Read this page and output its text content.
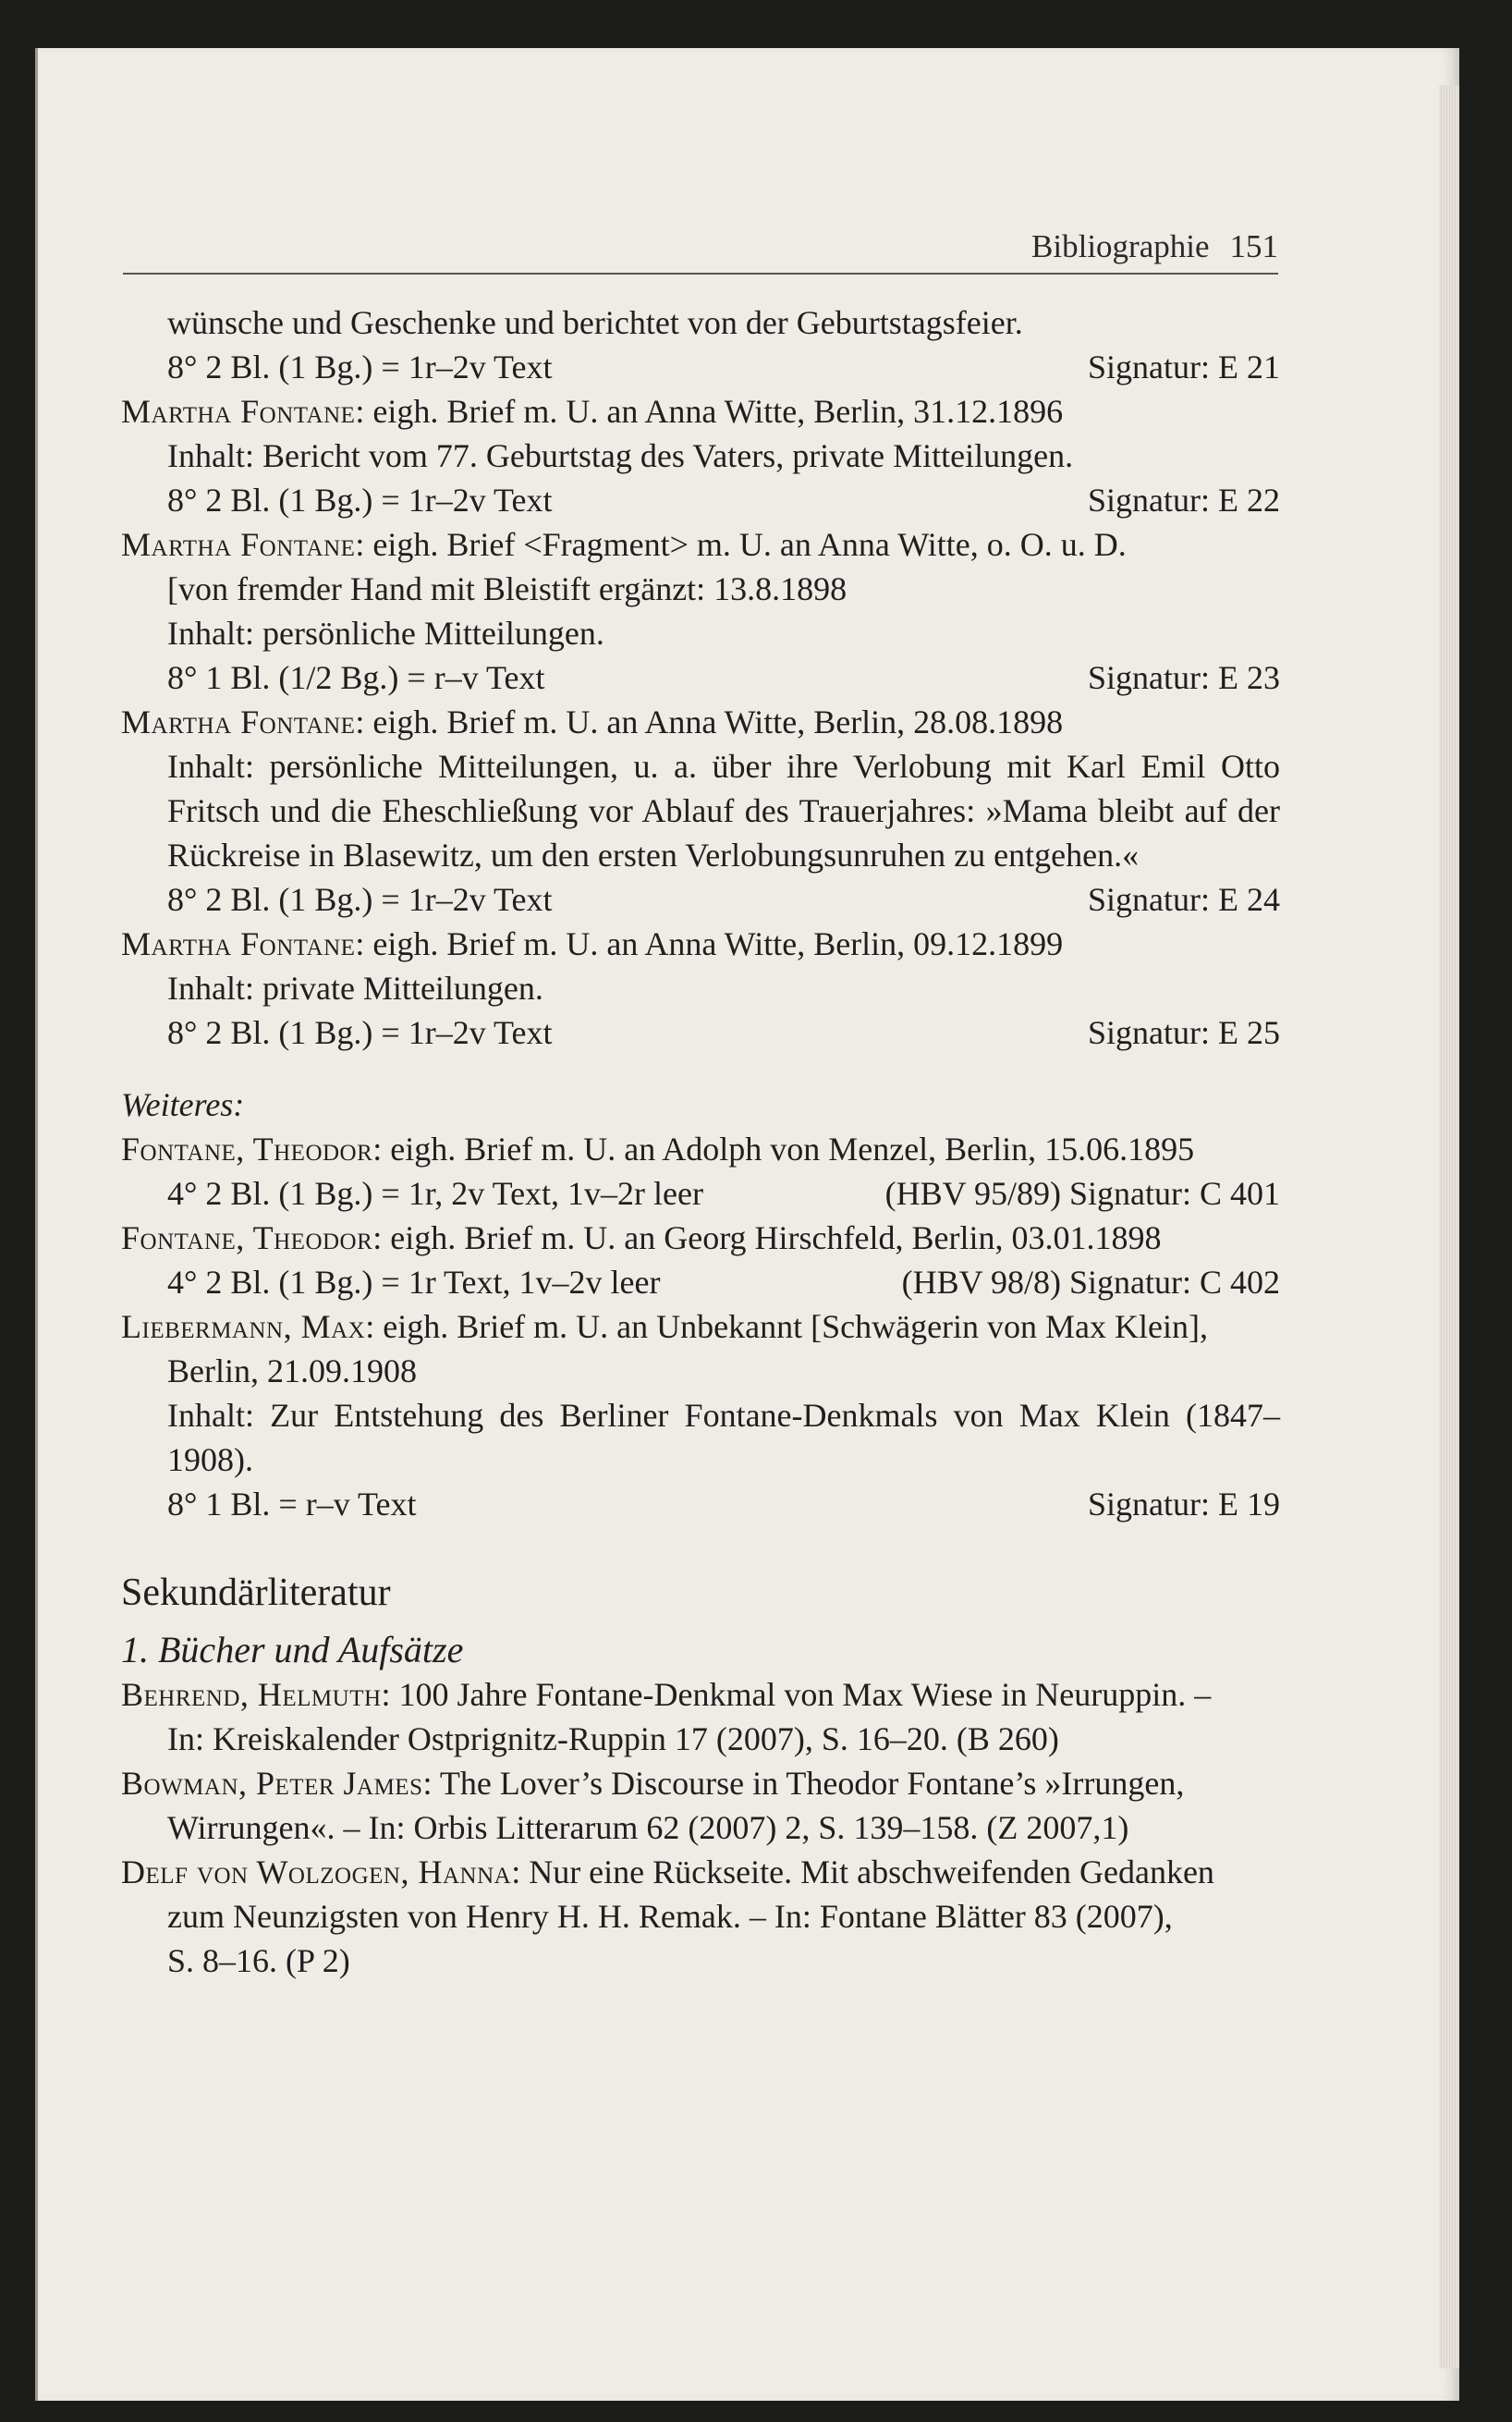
Bibliographie 151
wünsche und Geschenke und berichtet von der Geburtstagsfeier.
8° 2 Bl. (1 Bg.) = 1r–2v Text	Signatur: E 21
Martha Fontane: eigh. Brief m. U. an Anna Witte, Berlin, 31.12.1896
Inhalt: Bericht vom 77. Geburtstag des Vaters, private Mitteilungen.
8° 2 Bl. (1 Bg.) = 1r–2v Text	Signatur: E 22
Martha Fontane: eigh. Brief <Fragment> m. U. an Anna Witte, o. O. u. D.
[von fremder Hand mit Bleistift ergänzt: 13.8.1898
Inhalt: persönliche Mitteilungen.
8° 1 Bl. (1/2 Bg.) = r–v Text	Signatur: E 23
Martha Fontane: eigh. Brief m. U. an Anna Witte, Berlin, 28.08.1898
Inhalt: persönliche Mitteilungen, u. a. über ihre Verlobung mit Karl Emil Otto
Fritsch und die Eheschließung vor Ablauf des Trauerjahres: »Mama bleibt auf der
Rückreise in Blasewitz, um den ersten Verlobungsunruhen zu entgehen.«
8° 2 Bl. (1 Bg.) = 1r–2v Text	Signatur: E 24
Martha Fontane: eigh. Brief m. U. an Anna Witte, Berlin, 09.12.1899
Inhalt: private Mitteilungen.
8° 2 Bl. (1 Bg.) = 1r–2v Text	Signatur: E 25
Weiteres:
Fontane, Theodor: eigh. Brief m. U. an Adolph von Menzel, Berlin, 15.06.1895
4° 2 Bl. (1 Bg.) = 1r, 2v Text, 1v–2r leer	(HBV 95/89) Signatur: C 401
Fontane, Theodor: eigh. Brief m. U. an Georg Hirschfeld, Berlin, 03.01.1898
4° 2 Bl. (1 Bg.) = 1r Text, 1v–2v leer	(HBV 98/8) Signatur: C 402
Liebermann, Max: eigh. Brief m. U. an Unbekannt [Schwägerin von Max Klein],
Berlin, 21.09.1908
Inhalt: Zur Entstehung des Berliner Fontane-Denkmals von Max Klein (1847–
1908).
8° 1 Bl. = r–v Text	Signatur: E 19
Sekundärliteratur
1. Bücher und Aufsätze
Behrend, Helmuth: 100 Jahre Fontane-Denkmal von Max Wiese in Neuruppin. –
In: Kreiskalender Ostprignitz-Ruppin 17 (2007), S. 16–20. (B 260)
Bowman, Peter James: The Lover’s Discourse in Theodor Fontane’s »Irrungen,
Wirrungen«. – In: Orbis Litterarum 62 (2007) 2, S. 139–158. (Z 2007,1)
Delf von Wolzogen, Hanna: Nur eine Rückseite. Mit abschweifenden Gedanken
zum Neunzigsten von Henry H. H. Remak. – In: Fontane Blätter 83 (2007),
S. 8–16. (P 2)
